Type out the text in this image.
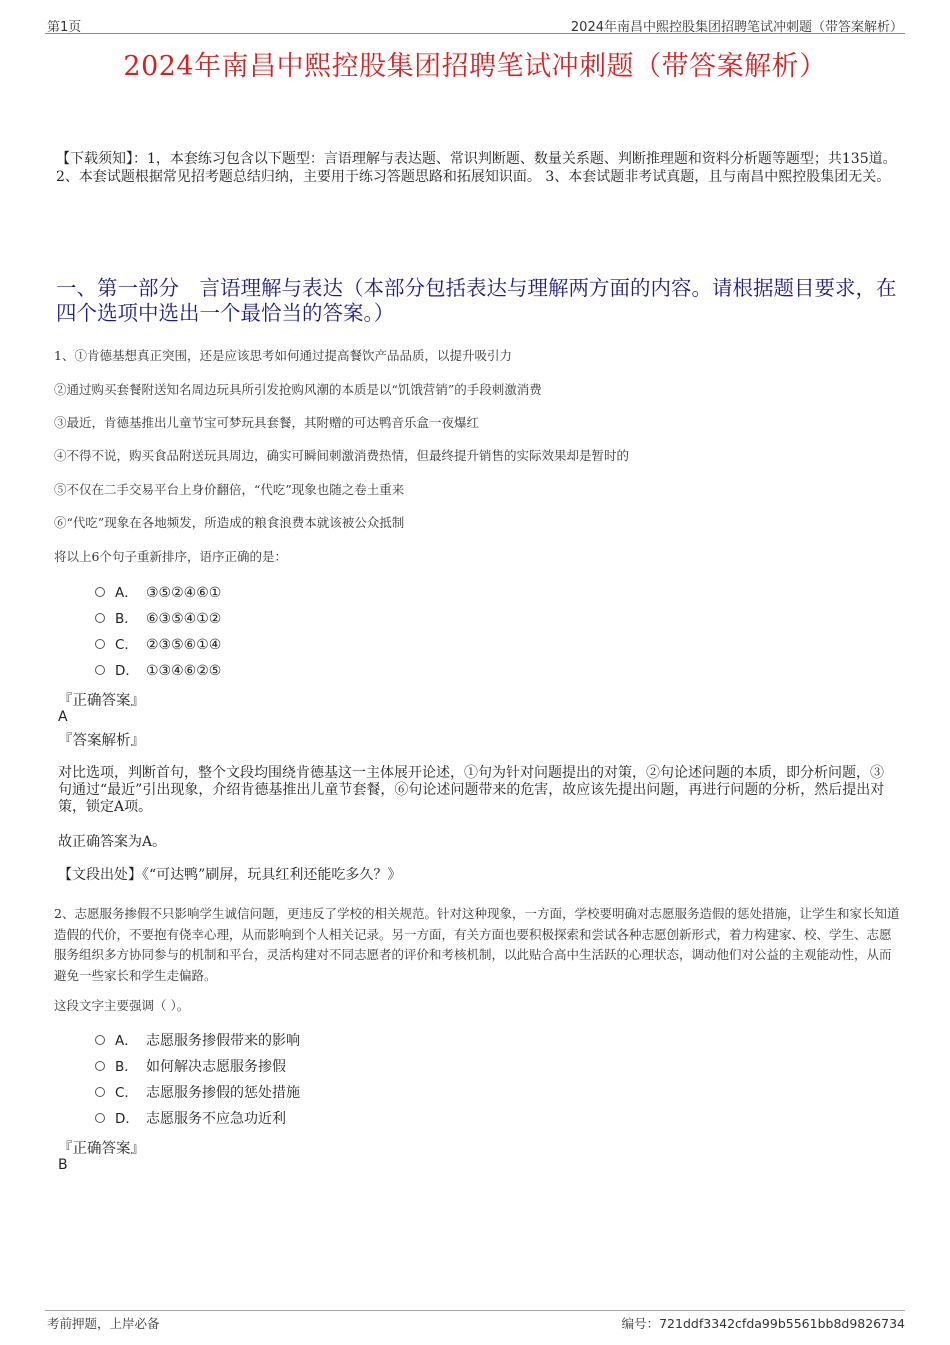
第1页	2024年南昌中熙控股集团招聘笔试冲刺题（带答案解析）
2024年南昌中熙控股集团招聘笔试冲刺题（带答案解析）
【下载须知】：1，本套练习包含以下题型：言语理解与表达题、常识判断题、数量关系题、判断推理题和资料分析题等题型；共135道。 2、本套试题根据常见招考题总结归纳，主要用于练习答题思路和拓展知识面。 3、本套试题非考试真题，且与南昌中熙控股集团无关。
一、第一部分　言语理解与表达（本部分包括表达与理解两方面的内容。请根据题目要求，在四个选项中选出一个最恰当的答案。）
1、①肯德基想真正突围，还是应该思考如何通过提高餐饮产品品质，以提升吸引力
②通过购买套餐附送知名周边玩具所引发抢购风潮的本质是以“饥饿营销”的手段刺激消费
③最近，肯德基推出儿童节宝可梦玩具套餐，其附赠的可达鸭音乐盒一夜爆红
④不得不说，购买食品附送玩具周边，确实可瞬间刺激消费热情，但最终提升销售的实际效果却是暂时的
⑤不仅在二手交易平台上身价翻倍，“代吃”现象也随之卷土重来
⑥“代吃”现象在各地频发，所造成的粮食浪费本就该被公众抵制
将以上6个句子重新排序，语序正确的是：
A． ③⑤②④⑥①
B． ⑥③⑤④①②
C． ②③⑤⑥①④
D． ①③④⑥②⑤
『正确答案』
A
『答案解析』
对比选项，判断首句，整个文段均围绕肯德基这一主体展开论述，①句为针对问题提出的对策，②句论述问题的本质，即分析问题，③句通过“最近”引出现象，介绍肯德基推出儿童节套餐，⑥句论述问题带来的危害，故应该先提出问题，再进行问题的分析，然后提出对策，锁定A项。
故正确答案为A。
【文段出处】《“可达鸭”刷屏，玩具红利还能吃多久？》
2、志愿服务掺假不只影响学生诚信问题，更违反了学校的相关规范。针对这种现象，一方面，学校要明确对志愿服务造假的惩处措施，让学生和家长知道造假的代价，不要抱有侥幸心理，从而影响到个人相关记录。另一方面，有关方面也要积极探索和尝试各种志愿创新形式，着力构建家、校、学生、志愿服务组织多方协同参与的机制和平台，灵活构建对不同志愿者的评价和考核机制，以此贴合高中生活跃的心理状态，调动他们对公益的主观能动性，从而避免一些家长和学生走偏路。
这段文字主要强调（ ）。
A． 志愿服务掺假带来的影响
B． 如何解决志愿服务掺假
C． 志愿服务掺假的惩处措施
D． 志愿服务不应急功近利
『正确答案』
B
考前押题，上岸必备	编号：721ddf3342cfda99b5561bb8d9826734
